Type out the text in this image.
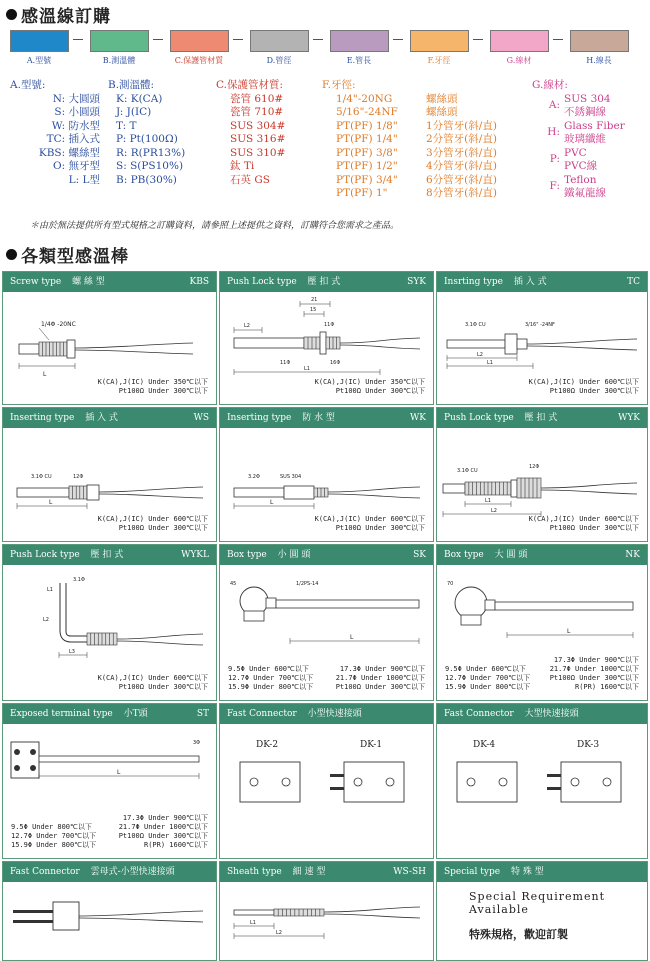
感溫線訂購
A.型號	B.測溫體	C.保護管材質	D.管徑	E.管長	F.牙徑	G.線材	H.線長
A.型號:
N: 大圓頭
S: 小圓頭
W: 防水型
TC: 插入式
KBS: 螺絲型
O: 無牙型
L: L型
B.測溫體:
K: K(CA)
J: J(IC)
T: T
P: Pt(100Ω)
R: R(PR13%)
S: S(PS10%)
B: PB(30%)
C.保護管材質:
瓷管 610#
瓷管 710#
SUS 304#
SUS 316#
SUS 310#
鈦 Ti
石英 GS
F.牙徑:
1/4"-20NG	螺絲頭
5/16"-24NF	螺絲頭
PT(PF) 1/8"	1分管牙(斜/直)
PT(PF) 1/4"	2分管牙(斜/直)
PT(PF) 3/8"	3分管牙(斜/直)
PT(PF) 1/2"	4分管牙(斜/直)
PT(PF) 3/4"	6分管牙(斜/直)
PT(PF) 1"	8分管牙(斜/直)
G.線材:
A:
SUS 304
不銹鋼線
H:
Glass Fiber
玻璃纖維
P:
PVC
PVC線
F:
Teflon
鐵氟龍線
＊由於無法提供所有型式規格之訂購資料，請參照上述提供之資料，訂購符合您需求之產品。
各類型感溫棒
Screw type 螺 絲 型	KBS
1/4Φ -20NC
L
K(CA),J(IC) Under 350℃以下
Pt100Ω Under 300℃以下
Push Lock type 壓 扣 式	SYK
21
15
11Φ
L2
11Φ	16Φ
L1
K(CA),J(IC) Under 350℃以下
Pt100Ω Under 300℃以下
Insrting type 插 入 式	TC
3.1Φ CU	3/16" -24NF
L2
L1
K(CA),J(IC) Under 600℃以下
Pt100Ω Under 300℃以下
Inserting type 插 入 式	WS
3.1Φ CU	12Φ
L
K(CA),J(IC) Under 600℃以下
Pt100Ω Under 300℃以下
Inserting type 防 水 型	WK
3.2Φ	SUS 304
L
K(CA),J(IC) Under 600℃以下
Pt100Ω Under 300℃以下
Push Lock type 壓 扣 式	WYK
3.1Φ CU
12Φ
L1
L2
K(CA),J(IC) Under 600℃以下
Pt100Ω Under 300℃以下
Push Lock type 壓 扣 式	WYKL
L1
3.1Φ
L2
L3
K(CA),J(IC) Under 600℃以下
Pt100Ω Under 300℃以下
Box type 小 圓 頭	SK
45	1/2PS-14
L
9.5Φ Under 600℃以下
12.7Φ Under 700℃以下
15.9Φ Under 800℃以下
17.3Φ Under 900℃以下
21.7Φ Under 1000℃以下
Pt100Ω Under 300℃以下
Box type 大 圓 頭	NK
70
L
9.5Φ Under 600℃以下
12.7Φ Under 700℃以下
15.9Φ Under 800℃以下
17.3Φ Under 900℃以下
21.7Φ Under 1000℃以下
Pt100Ω Under 300℃以下
R(PR) 1600℃以下
Exposed terminal type 小T頭	ST
3Φ
L
9.5Φ Under 800℃以下
12.7Φ Under 700℃以下
15.9Φ Under 800℃以下
17.3Φ Under 900℃以下
21.7Φ Under 1000℃以下
Pt100Ω Under 300℃以下
R(PR) 1600℃以下
Fast Connector 小型快速接頭
DK-2	DK-1
Fast Connector 大型快速接頭
DK-4	DK-3
Fast Connector 雲母式-小型快速接頭	Sheath type 細 速 型	WS-SH
L1
L2
Special type 特 殊 型
Special Requirement
Available
特殊規格，歡迎訂製
